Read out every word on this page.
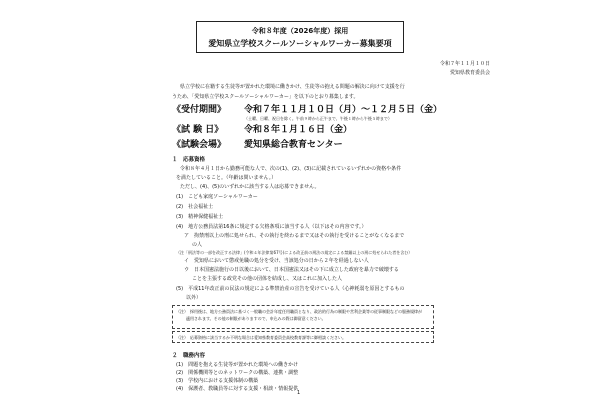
令和８年度（2026年度）採用
愛知県立学校スクールソーシャルワーカー募集要項
令和７年１１月１０日
愛知県教育委員会
県立学校に在籍する生徒等が置かれた環境に働きかけ、生徒等の抱える問題の解決に向けて支援を行
うため、「愛知県立学校スクールソーシャルワーカー」を以下のとおり募集します。
《受付期間》 令和７年１１月１０日（月）～１２月５日（金）
（土曜、日曜、祝日を除く。午前９時から正午まで、午後１時から午後５時まで）
《試 験 日》 令和８年１月１６日（金）
《試験会場》 愛知県総合教育センター
１　応募資格
令和８年４月１日から勤務可能な人で、次の(1)、(2)、(3)に記載されているいずれかの資格や条件
を満たしていること。（年齢は問いません。）
ただし、(4)、(5)のいずれかに該当する人は応募できません。
(1)　こども家庭ソーシャルワーカー
(2)　社会福祉士
(3)　精神保健福祉士
(4)　地方公務員法第16条に規定する欠格条項に該当する人（以下はその内容です。）
ア　拘禁刑以上の刑に処せられ、その執行を終わるまで又はその執行を受けることがなくなるまで
の人
（注「刑法等の一部を改正する法律」(令和４年法律第67号)による改正前の刑法の規定による禁錮以上の刑に処せられた者を含む）
イ　愛知県において懲戒免職の処分を受け、当該処分の日から２年を経過しない人
ウ　日本国憲法施行の日以後において、日本国憲法又はその下に成立した政府を暴力で破壊する
ことを主張する政党その他の団体を結成し、又はこれに加入した人
(5)　平成11年改正前の民法の規定による準禁治産の宣告を受けている人（心神耗弱を原因とするもの
以外）
（注）　採用後は、地方公務員法に基づく一般職の会計年度任用職員となり、政治的行為の制限や営利企業等の従事制限などの服務規律が
適用されます。その他の制限がありますので、申込みの際は御留意ください。
（注）　応募資格に該当するか不明な場合は愛知県教育委員会高校教育課等に御相談ください。
２　職務内容
(1)　問題を抱える生徒等が置かれた環境への働きかけ
(2)　関係機関等とのネットワークの構築、連携・調整
(3)　学校内における支援体制の構築
(4)　保護者、教職員等に対する支援・相談・情報提供
1
